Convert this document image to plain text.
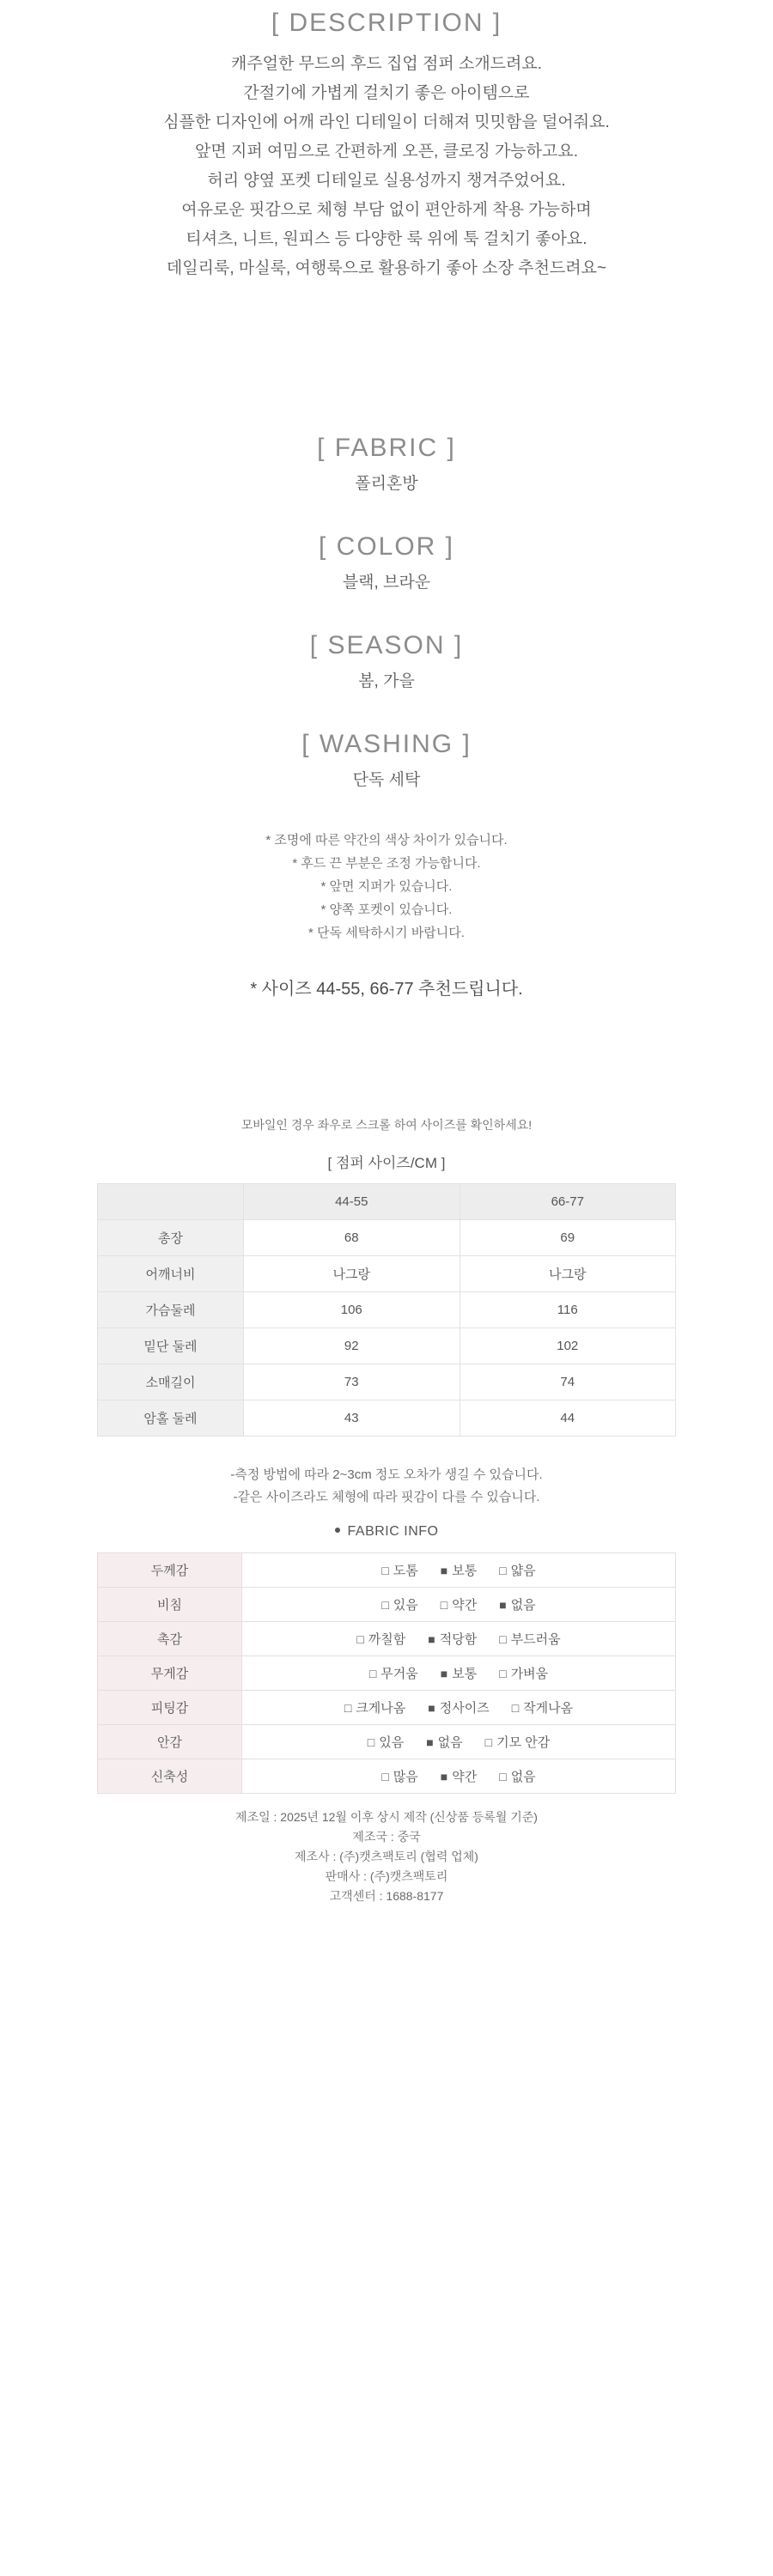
[ DESCRIPTION ]
캐주얼한 무드의 후드 집업 점퍼 소개드려요.
간절기에 가볍게 걸치기 좋은 아이템으로
심플한 디자인에 어깨 라인 디테일이 더해져 밋밋함을 덜어줘요.
앞면 지퍼 여밈으로 간편하게 오픈, 클로징 가능하고요.
허리 양옆 포켓 디테일로 실용성까지 챙겨주었어요.
여유로운 핏감으로 체형 부담 없이 편안하게 착용 가능하며
티셔츠, 니트, 원피스 등 다양한 룩 위에 툭 걸치기 좋아요.
데일리룩, 마실룩, 여행룩으로 활용하기 좋아 소장 추천드려요~
[ FABRIC ]
폴리혼방
[ COLOR ]
블랙, 브라운
[ SEASON ]
봄, 가을
[ WASHING ]
단독 세탁
* 조명에 따른 약간의 색상 차이가 있습니다.
* 후드 끈 부분은 조정 가능합니다.
* 앞면 지퍼가 있습니다.
* 양쪽 포켓이 있습니다.
* 단독 세탁하시기 바랍니다.
* 사이즈 44-55, 66-77 추천드립니다.
모바일인 경우 좌우로 스크롤 하여 사이즈를 확인하세요!
[ 점퍼 사이즈/CM ]
	44-55	66-77
총장	68	69
어깨너비	나그랑	나그랑
가슴둘레	106	116
밑단 둘레	92	102
소매길이	73	74
암홀 둘레	43	44
-측정 방법에 따라 2~3cm 정도 오차가 생길 수 있습니다.
-같은 사이즈라도 체형에 따라 핏감이 다를 수 있습니다.
FABRIC INFO
두께감	□ 도톰 ■ 보통 □ 얇음
비침	□ 있음 □ 약간 ■ 없음
촉감	□ 까칠함 ■ 적당함 □ 부드러움
무게감	□ 무거움 ■ 보통 □ 가벼움
피팅감	□ 크게나옴 ■ 정사이즈 □ 작게나옴
안감	□ 있음 ■ 없음 □ 기모 안감
신축성	□ 많음 ■ 약간 □ 없음
제조일 : 2025년 12월 이후 상시 제작 (신상품 등록월 기준)
제조국 : 중국
제조사 : (주)캣츠팩토리 (협력 업체)
판매사 : (주)캣츠팩토리
고객센터 : 1688-8177
